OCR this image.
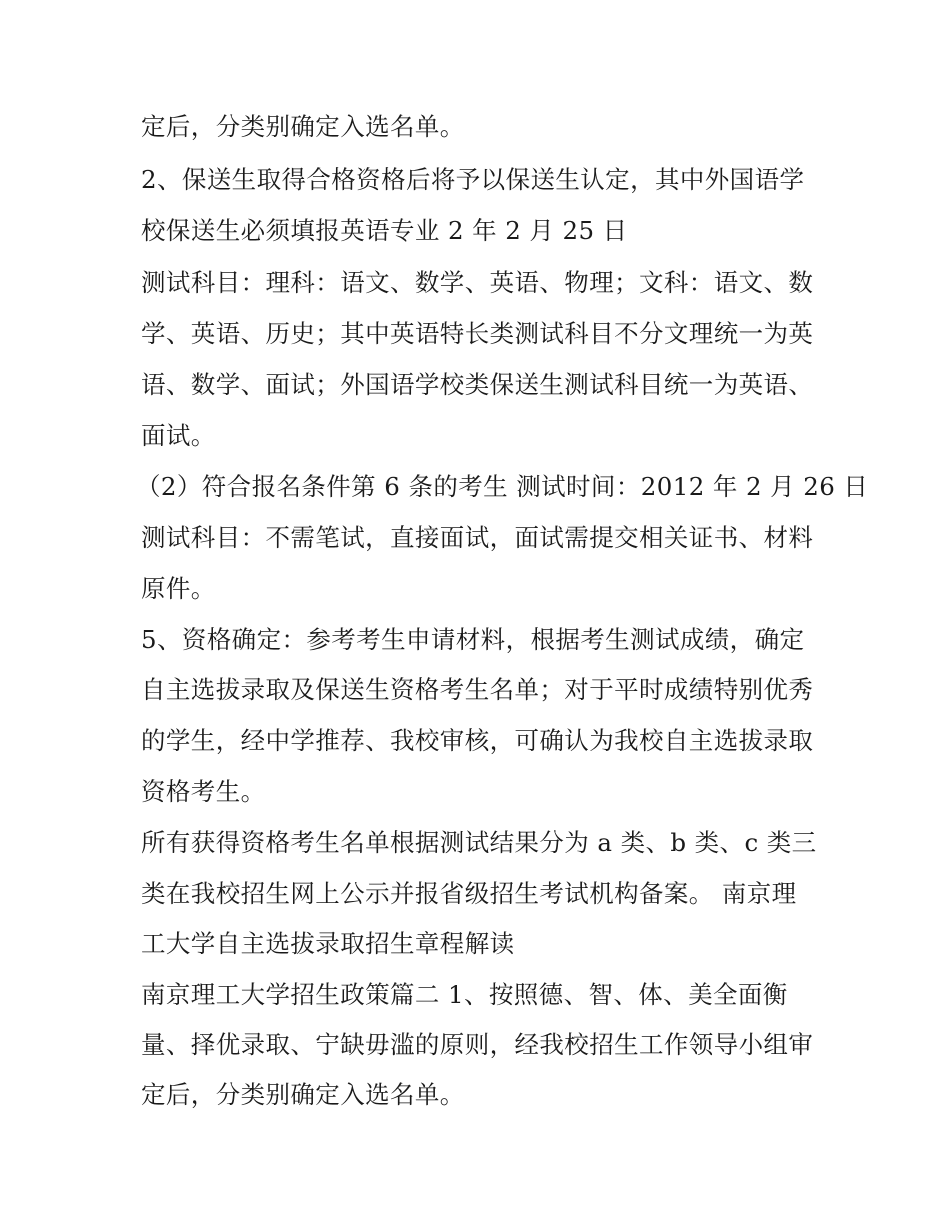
定后，分类别确定入选名单。
2、保送生取得合格资格后将予以保送生认定，其中外国语学
校保送生必须填报英语专业 2 年 2 月 25 日
测试科目：理科：语文、数学、英语、物理；文科：语文、数
学、英语、历史；其中英语特长类测试科目不分文理统一为英
语、数学、面试；外国语学校类保送生测试科目统一为英语、
面试。
（2）符合报名条件第 6 条的考生 测试时间：2012 年 2 月 26 日
测试科目：不需笔试，直接面试，面试需提交相关证书、材料
原件。
5、资格确定：参考考生申请材料，根据考生测试成绩，确定
自主选拔录取及保送生资格考生名单；对于平时成绩特别优秀
的学生，经中学推荐、我校审核，可确认为我校自主选拔录取
资格考生。
所有获得资格考生名单根据测试结果分为 a 类、b 类、c 类三
类在我校招生网上公示并报省级招生考试机构备案。 南京理
工大学自主选拔录取招生章程解读
南京理工大学招生政策篇二 1、按照德、智、体、美全面衡
量、择优录取、宁缺毋滥的原则，经我校招生工作领导小组审
定后，分类别确定入选名单。
